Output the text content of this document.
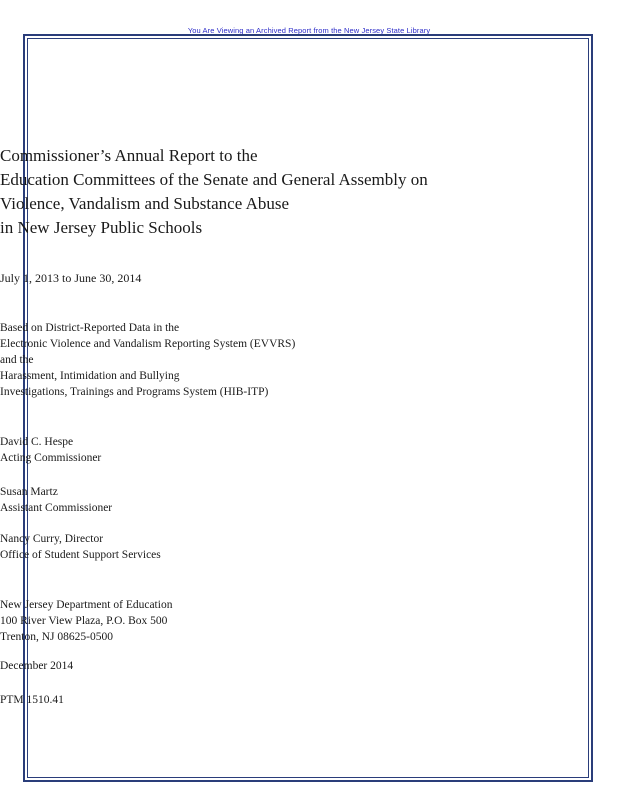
You Are Viewing an Archived Report from the New Jersey State Library
Commissioner’s Annual Report to the
Education Committees of the Senate and General Assembly on
Violence, Vandalism and Substance Abuse
in New Jersey Public Schools
July 1, 2013 to June 30, 2014
Based on District-Reported Data in the
Electronic Violence and Vandalism Reporting System (EVVRS)
and the
Harassment, Intimidation and Bullying
Investigations, Trainings and Programs System (HIB-ITP)
David C. Hespe
Acting Commissioner
Susan Martz
Assistant Commissioner
Nancy Curry, Director
Office of Student Support Services
New Jersey Department of Education
100 River View Plaza, P.O. Box 500
Trenton, NJ 08625-0500
December 2014
PTM 1510.41
